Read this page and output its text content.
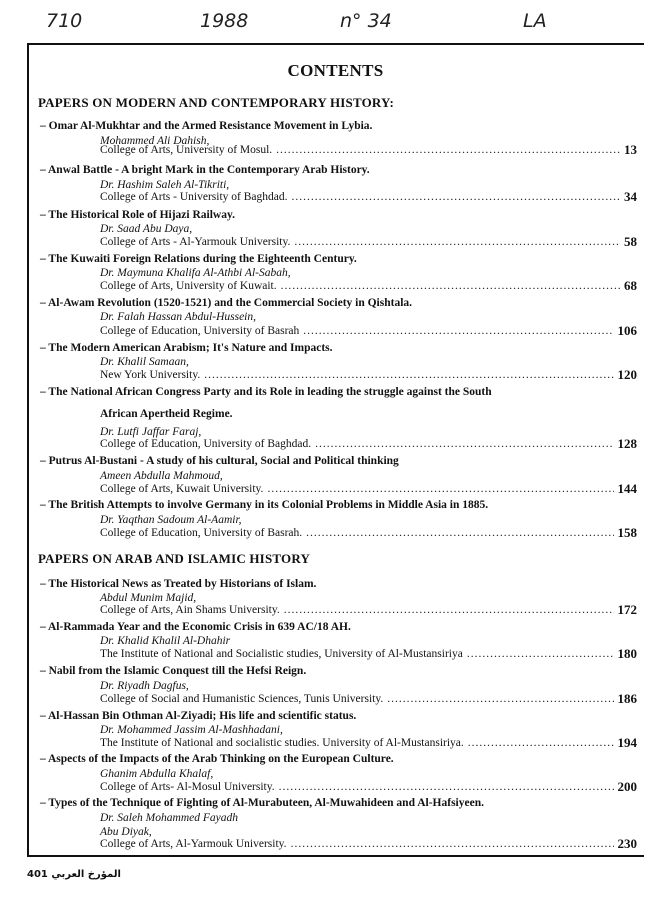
710	1988	n° 34	LA
CONTENTS
PAPERS ON MODERN AND CONTEMPORARY HISTORY:
– Omar Al-Mukhtar and the Armed Resistance Movement in Lybia.
Mohammed Ali Dahish,
College of Arts, University of Mosul. .....	13
– Anwal Battle - A bright Mark in the Contemporary Arab History.
Dr. Hashim Saleh Al-Tikriti,
College of Arts - University of Baghdad. .....	34
– The Historical Role of Hijazi Railway.
Dr. Saad Abu Daya,
College of Arts - Al-Yarmouk University. .....	58
– The Kuwaiti Foreign Relations during the Eighteenth Century.
Dr. Maymuna Khalifa Al-Athbi Al-Sabah,
College of Arts, University of Kuwait. .....	68
– Al-Awam Revolution (1520-1521) and the Commercial Society in Qishtala.
Dr. Falah Hassan Abdul-Hussein,
College of Education, University of Basrah .....	106
– The Modern American Arabism; It's Nature and Impacts.
Dr. Khalil Samaan,
New York University. .....	120
– The National African Congress Party and its Role in leading the struggle against the South
African Apertheid Regime.
Dr. Lutfi Jaffar Faraj,
College of Education, University of Baghdad. .....	128
– Putrus Al-Bustani - A study of his cultural, Social and Political thinking
Ameen Abdulla Mahmoud,
College of Arts, Kuwait University. .....	144
– The British Attempts to involve Germany in its Colonial Problems in Middle Asia in 1885.
Dr. Yaqthan Sadoum Al-Aamir,
College of Education, University of Basrah. .....	158
PAPERS ON ARAB AND ISLAMIC HISTORY
– The Historical News as Treated by Historians of Islam.
Abdul Munim Majid,
College of Arts, Ain Shams University. .....	172
– Al-Rammada Year and the Economic Crisis in 639 AC/18 AH.
Dr. Khalid Khalil Al-Dhahir
The Institute of National and Socialistic studies, University of Al-Mustansiriya .....	180
– Nabil from the Islamic Conquest till the Hefsi Reign.
Dr. Riyadh Dagfus,
College of Social and Humanistic Sciences, Tunis University. .....	186
– Al-Hassan Bin Othman Al-Ziyadi; His life and scientific status.
Dr. Mohammed Jassim Al-Mashhadani,
The Institute of National and socialistic studies. University of Al-Mustansiriya. .....	194
– Aspects of the Impacts of the Arab Thinking on the European Culture.
Ghanim Abdulla Khalaf,
College of Arts- Al-Mosul University. .....	200
– Types of the Technique of Fighting of Al-Murabuteen, Al-Muwahideen and Al-Hafsiyeen.
Dr. Saleh Mohammed Fayadh
Abu Diyak,
College of Arts, Al-Yarmouk University. .....	230
المؤرخ العربي 401
